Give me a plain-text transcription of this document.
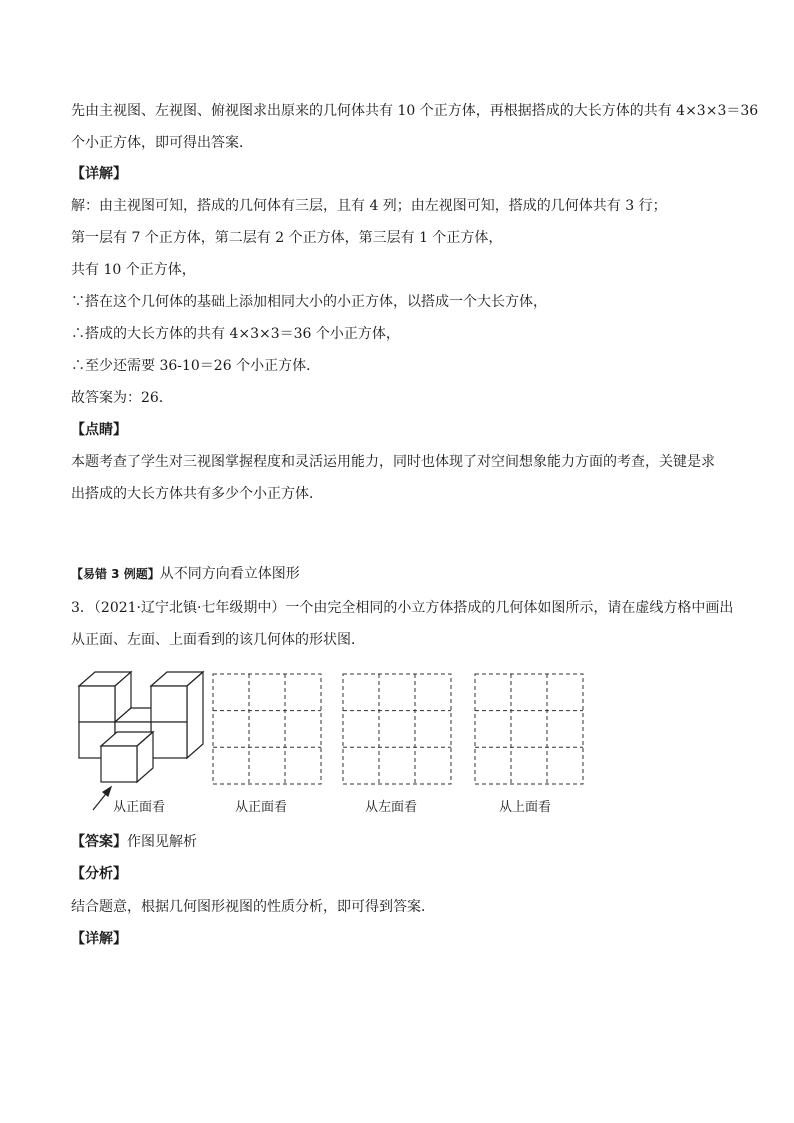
先由主视图、左视图、俯视图求出原来的几何体共有 10 个正方体，再根据搭成的大长方体的共有 4×3×3＝36
个小正方体，即可得出答案．
【详解】
解：由主视图可知，搭成的几何体有三层，且有 4 列；由左视图可知，搭成的几何体共有 3 行；
第一层有 7 个正方体，第二层有 2 个正方体，第三层有 1 个正方体，
共有 10 个正方体，
∵搭在这个几何体的基础上添加相同大小的小正方体，以搭成一个大长方体，
∴搭成的大长方体的共有 4×3×3＝36 个小正方体，
∴至少还需要 36-10＝26 个小正方体．
故答案为：26．
【点睛】
本题考查了学生对三视图掌握程度和灵活运用能力，同时也体现了对空间想象能力方面的考查，关键是求
出搭成的大长方体共有多少个小正方体．
【易错 3 例题】从不同方向看立体图形
3．（2021·辽宁北镇·七年级期中）一个由完全相同的小立方体搭成的几何体如图所示，请在虚线方格中画出
从正面、左面、上面看到的该几何体的形状图．
从正面看	从正面看	从左面看	从上面看
【答案】作图见解析
【分析】
结合题意，根据几何图形视图的性质分析，即可得到答案．
【详解】
